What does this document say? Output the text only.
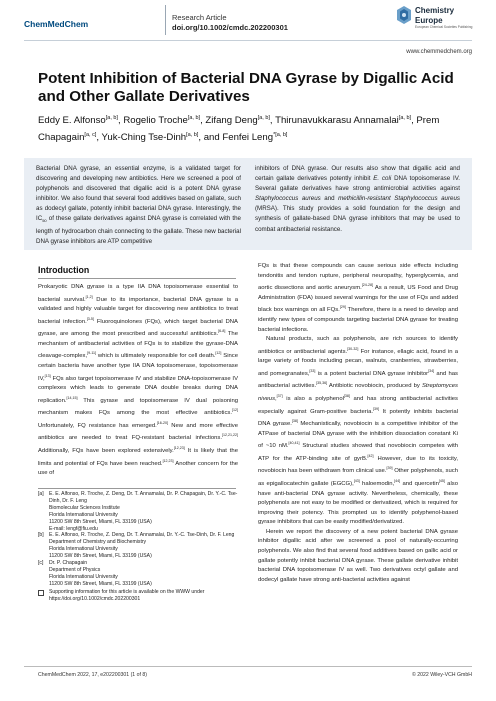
ChemMedChem
Research Article
doi.org/10.1002/cmdc.202200301
Chemistry
Europe
European Chemical Societies Publishing
www.chemmedchem.org
Potent Inhibition of Bacterial DNA Gyrase by Digallic Acid and Other Gallate Derivatives
Eddy E. Alfonso[a, b], Rogelio Troche[a, b], Zifang Deng[a, b], Thirunavukkarasu Annamalai[a, b], Prem Chapagain[a, c], Yuk-Ching Tse-Dinh[a, b], and Fenfei Leng$^{*[a, b]}$
Bacterial DNA gyrase, an essential enzyme, is a validated target for discovering and developing new antibiotics. Here we screened a pool of polyphenols and discovered that digallic acid is a potent DNA gyrase inhibitor. We also found that several food additives based on gallate, such as dodecyl gallate, potently inhibit bacterial DNA gyrase. Interestingly, the $IC_{50}$ of these gallate derivatives against DNA gyrase is correlated with the length of hydrocarbon chain connecting to the gallate. These new bacterial DNA gyrase inhibitors are ATP competitive
inhibitors of DNA gyrase. Our results also show that digallic acid and certain gallate derivatives potently inhibit E. coli DNA topoisomerase IV. Several gallate derivatives have strong antimicrobial activities against Staphylococcus aureus and methicillin-resistant Staphylococcus aureus (MRSA). This study provides a solid foundation for the design and synthesis of gallate-based DNA gyrase inhibitors that may be used to combat antibacterial resistance.
Introduction

Prokaryotic DNA gyrase is a type IIA DNA topoisomerase essential to bacterial survival.[1,2] Due to its importance, bacterial DNA gyrase is a validated and highly valuable target for discovering new antibiotics to treat bacterial infection.[3-5] Fluoroquinolones (FQs), which target bacterial DNA gyrase, are among the most prescribed and successful antibiotics.[6-8] The mechanism of antibacterial activities of FQs is to stabilize the gyrase-DNA cleavage-complex,[9-11] which is ultimately responsible for cell death.[12] Since certain bacteria have another type IIA DNA topoisomerase, topoisomerase IV,[13] FQs also target topoisomerase IV and stabilize DNA-topoisomerase IV complexes which leads to generate DNA double breaks during DNA replication.[14,15] This gyrase and topoisomerase IV dual poisoning mechanism makes FQs among the most effective antibiotics.[12] Unfortunately, FQ resistance has emerged.[16-20] New and more effective antibiotics are needed to treat FQ-resistant bacterial infections.[12,21,22] Additionally, FQs have been explored extensively.[12,23] It is likely that the limits and potential of FQs have been reached.[12,23] Another concern for the use of

FQs is that these compounds can cause serious side effects including tendonitis and tendon rupture, peripheral neuropathy, hyperglycemia, and aortic dissections and aortic aneurysm.[24-28] As a result, US Food and Drug Administration (FDA) issued several warnings for the use of FQs and added black box warnings on all FQs.[29] Therefore, there is a need to develop and identify new types of compounds targeting bacterial DNA gyrase for treating bacterial infections.

Natural products, such as polyphenols, are rich sources to identify antibiotics or antibacterial agents.[30-32] For instance, ellagic acid, found in a large variety of foods including pecan, walnuts, cranberries, strawberries, and pomegranates,[33] is a potent bacterial DNA gyrase inhibitor[34] and has antibacterial activities.[35,36] Antibiotic novobiocin, produced by Streptomyces niveus,[37] is also a polyphenol[38] and has strong antibacterial activities especially against Gram-positive bacteria.[39] It potently inhibits bacterial DNA gyrase.[38] Mechanistically, novobiocin is a competitive inhibitor of the ATPase of bacterial DNA gyrase with the inhibition dissociation constant Ki of ~10 nM.[40,41] Structural studies showed that novobiocin competes with ATP for the ATP-binding site of gyrB.[42] However, due to its toxicity, novobiocin has been withdrawn from clinical use.[39] Other polyphenols, such as epigallocatechin gallate (EGCG),[43] haloemodin,[44] and quercetin[45] also have anti-bacterial DNA gyrase activity. Nevertheless, chemically, these polyphenols are not easy to be modified or derivatized, which is required for improving their potency. This prompted us to identify polyphenol-based gyrase inhibitors that can be easily modified/derivatized.

Herein we report the discovery of a new potent bacterial DNA gyrase inhibitor digallic acid after we screened a pool of naturally-occurring polyphenols. We also find that several food additives based on gallic acid or gallate potently inhibit bacterial DNA gyrase. These gallate derivative inhibit bacterial DNA topoisomerase IV as well. Two derivatives octyl gallate and dodecyl gallate have strong anti-bacterial activities against

[a]	E. E. Alfonso, R. Troche, Z. Deng, Dr. T. Annamalai, Dr. P. Chapagain, Dr. Y.-C. Tse-Dinh, Dr. F. Leng
Biomolecular Sciences Institute
Florida International University
11200 SW 8th Street, Miami, FL 33199 (USA)
E-mail: lengf@fiu.edu
[b]	E. E. Alfonso, R. Troche, Z. Deng, Dr. T. Annamalai, Dr. Y.-C. Tse-Dinh, Dr. F. Leng
Department of Chemistry and Biochemistry
Florida International University
11200 SW 8th Street, Miami, FL 33199 (USA)
[c]	Dr. P. Chapagain
Department of Physics
Florida International University
11200 SW 8th Street, Miami, FL 33199 (USA)
Supporting information for this article is available on the WWW under https://doi.org/10.1002/cmdc.202200301
ChemMedChem 2022, 17, e202200301 (1 of 8)	© 2022 Wiley-VCH GmbH
